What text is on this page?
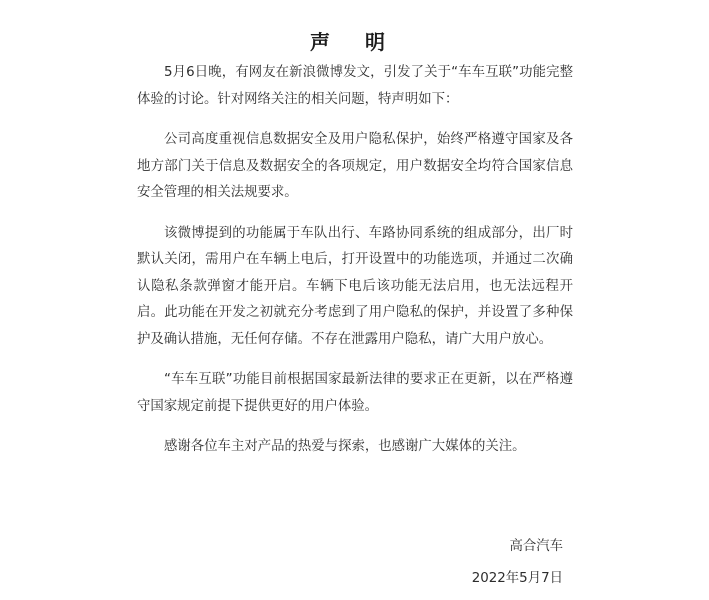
声 明

5月6日晚，有网友在新浪微博发文，引发了关于“车车互联”功能完整体验的讨论。针对网络关注的相关问题，特声明如下：

公司高度重视信息数据安全及用户隐私保护，始终严格遵守国家及各地方部门关于信息及数据安全的各项规定，用户数据安全均符合国家信息安全管理的相关法规要求。

该微博提到的功能属于车队出行、车路协同系统的组成部分，出厂时默认关闭，需用户在车辆上电后，打开设置中的功能选项，并通过二次确认隐私条款弹窗才能开启。车辆下电后该功能无法启用，也无法远程开启。此功能在开发之初就充分考虑到了用户隐私的保护，并设置了多种保护及确认措施，无任何存储。不存在泄露用户隐私，请广大用户放心。

“车车互联”功能目前根据国家最新法律的要求正在更新，以在严格遵守国家规定前提下提供更好的用户体验。

感谢各位车主对产品的热爱与探索，也感谢广大媒体的关注。

高合汽车
2022年5月7日
